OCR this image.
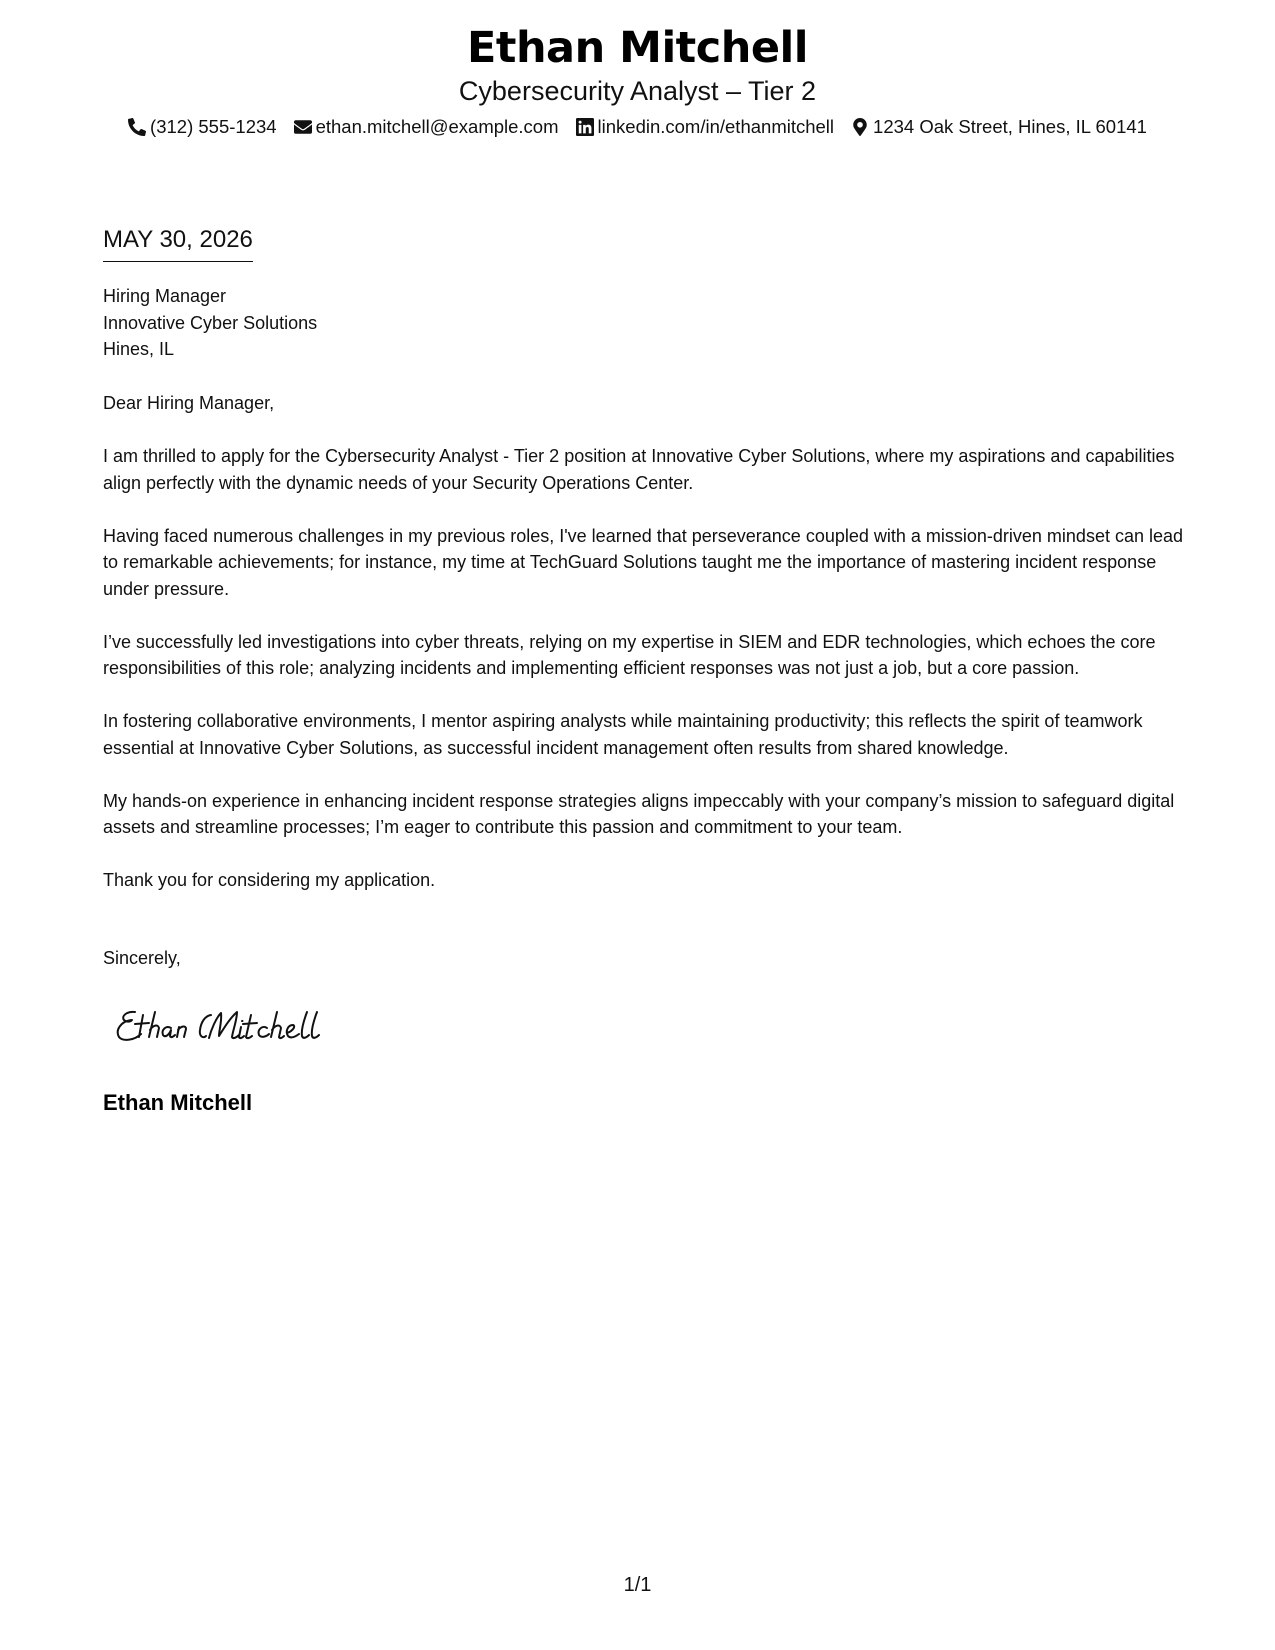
Ethan Mitchell
Cybersecurity Analyst – Tier 2
(312) 555-1234 ethan.mitchell@example.com linkedin.com/in/ethanmitchell 1234 Oak Street, Hines, IL 60141
MAY 30, 2026
Hiring Manager
Innovative Cyber Solutions
Hines, IL

Dear Hiring Manager,

I am thrilled to apply for the Cybersecurity Analyst - Tier 2 position at Innovative Cyber Solutions, where my aspirations and capabilities align perfectly with the dynamic needs of your Security Operations Center.

Having faced numerous challenges in my previous roles, I've learned that perseverance coupled with a mission-driven mindset can lead to remarkable achievements; for instance, my time at TechGuard Solutions taught me the importance of mastering incident response under pressure.

I’ve successfully led investigations into cyber threats, relying on my expertise in SIEM and EDR technologies, which echoes the core responsibilities of this role; analyzing incidents and implementing efficient responses was not just a job, but a core passion.

In fostering collaborative environments, I mentor aspiring analysts while maintaining productivity; this reflects the spirit of teamwork essential at Innovative Cyber Solutions, as successful incident management often results from shared knowledge.

My hands-on experience in enhancing incident response strategies aligns impeccably with your company’s mission to safeguard digital assets and streamline processes; I’m eager to contribute this passion and commitment to your team.

Thank you for considering my application.

Sincerely,
Ethan Mitchell
1/1
